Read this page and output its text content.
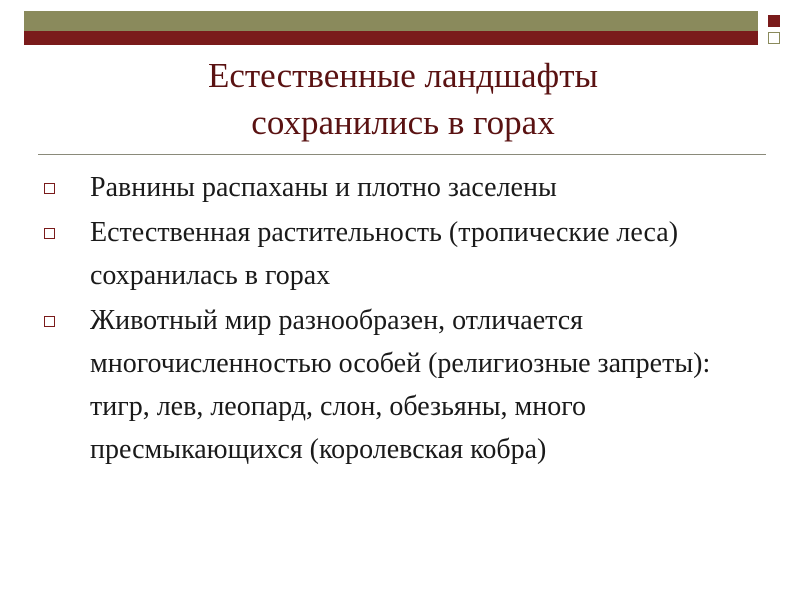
Естественные ландшафты
сохранились в горах
Равнины распаханы и плотно заселены
Естественная растительность (тропические леса) сохранилась в горах
Животный мир разнообразен, отличается многочисленностью особей (религиозные запреты): тигр, лев, леопард, слон, обезьяны, много пресмыкающихся (королевская кобра)
